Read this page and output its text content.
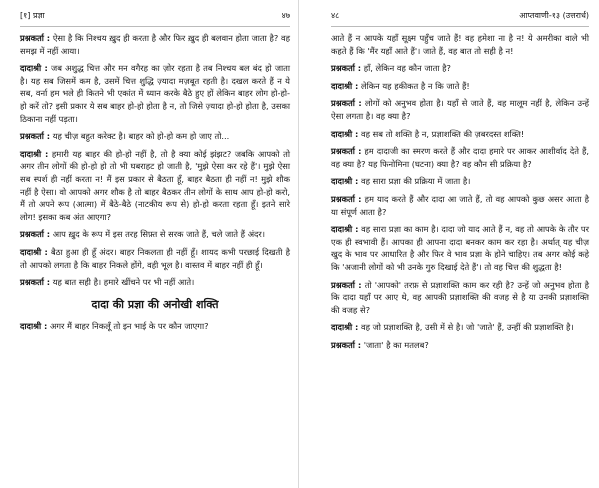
[१] प्रज्ञा	४७

प्रश्नकर्ता : ऐसा है कि निश्चय ख़ुद ही करता है और फिर ख़ुद ही बलवान होता जाता है? वह समझ में नहीं आया।

दादाश्री : जब अशुद्ध चित्त और मन वगैरह का ज़ोर रहता है तब निश्चय बल बंद हो जाता है। यह सब जिसमें कम है, उसमें चित्त शुद्धि ज़्यादा मज़बूत रहती है। दखल करते हैं न ये सब, वर्ना हम भले ही कितने भी एकांत में ध्यान करके बैठे हुए हों लेकिन बाहर लोग हो-हो-हो करें तो? इसी प्रकार ये सब बाहर हो-हो होता है न, तो जिसे ज़्यादा हो-हो होता है, उसका ठिकाना नहीं पड़ता।

प्रश्नकर्ता : यह चीज़ बहुत करेक्ट है। बाहर को हो-हो कम हो जाए तो...

दादाश्री : हमारी यह बाहर की हो-हो नहीं है, तो है क्या कोई झंझट? जबकि आपको तो अगर तीन लोगों की हो-हो हो तो भी घबराहट हो जाती है, 'मुझे ऐसा कर रहे हैं'। मुझे ऐसा सब स्पर्श ही नहीं करता न! मैं इस प्रकार से बैठता हूँ, बाहर बैठता ही नहीं न! मुझे शौक नहीं है ऐसा। वो आपको अगर शौक है तो बाहर बैठकर तीन लोगों के साथ आप हो-हो करो, मैं तो अपने रूप (आत्मा) में बैठे-बैठे (नाटकीय रूप से) हो-हो करता रहता हूँ। इतने सारे लोग! इसका कब अंत आएगा?

प्रश्नकर्ता : आप ख़ुद के रूप में इस तरह सिफ़्त से सरक जाते हैं, चले जाते हैं अंदर।

दादाश्री : बैठा हुआ ही हूँ अंदर। बाहर निकलता ही नहीं हूँ। शायद कभी परछाई दिखती है तो आपको लगता है कि बाहर निकले होंगे, वही भूल है। वास्तव में बाहर नहीं ही हूँ।

प्रश्नकर्ता : यह बात सही है। हमारे खींचने पर भी नहीं आते।

दादा की प्रज्ञा की अनोखी शक्ति

दादाश्री : अगर मैं बाहर निकलूँ तो इन भाई के पर कौन जाएगा?

४८	आप्तवाणी-१३ (उत्तरार्ध)

आते हैं न आपके यहाँ सूक्ष्म पहुँच जाते हैं! वह हमेशा ना है न! ये अमरीका वाले भी कहते हैं कि 'मैंर यहाँ आते हैं'। जाते हैं, वह बात तो सही है न!

प्रश्नकर्ता : हाँ, लेकिन वह कौन जाता है?

दादाश्री : लेकिन यह हकीकत है न कि जाते हैं!

प्रश्नकर्ता : लोगों को अनुभव होता है। यहाँ से जाते हैं, वह मालूम नहीं है, लेकिन उन्हें ऐसा लगता है। वह क्या है?

दादाश्री : वह सब तो शक्ति है न, प्रज्ञाशक्ति की ज़बरदस्त शक्ति!

प्रश्नकर्ता : हम दादाजी का स्मरण करते हैं और दादा हमारे पर आकर आशीर्वाद देते हैं, वह क्या है? यह फिनोमिना (घटना) क्या है? वह कौन सी प्रक्रिया है?

दादाश्री : वह सारा प्रज्ञा की प्रक्रिया में जाता है।

प्रश्नकर्ता : हम याद करते हैं और दादा आ जाते हैं, तो वह आपको कुछ असर आता है या संपूर्ण आता है?

दादाश्री : वह सारा प्रज्ञा का काम है। दादा जो याद आते हैं न, वह तो आपके के तौर पर एक ही स्वभावी हैं। आपका ही आपना दादा बनकर काम कर रहा है। अर्थात् यह चीज़ खुद के भाव पर आधारित है और फिर वे भाव प्रज्ञा के होने चाहिए। तब अगर कोई कहे कि 'अजानी लोगों को भी उनके गुरु दिखाई देते हैं'। तो वह चित्त की शुद्धता है!

प्रश्नकर्ता : तो 'आपको' तरफ़ से प्रज्ञाशक्ति काम कर रही है? उन्हें जो अनुभव होता है कि दादा यहाँ पर आए थे, वह आपकी प्रज्ञाशक्ति की वजह से है या उनकी प्रज्ञाशक्ति की वजह से?

दादाश्री : वह जो प्रज्ञाशक्ति है, उसी में से है। जो 'जाते' हैं, उन्हीं की प्रज्ञाशक्ति है।

प्रश्नकर्ता : 'जाता' है का मतलब?
